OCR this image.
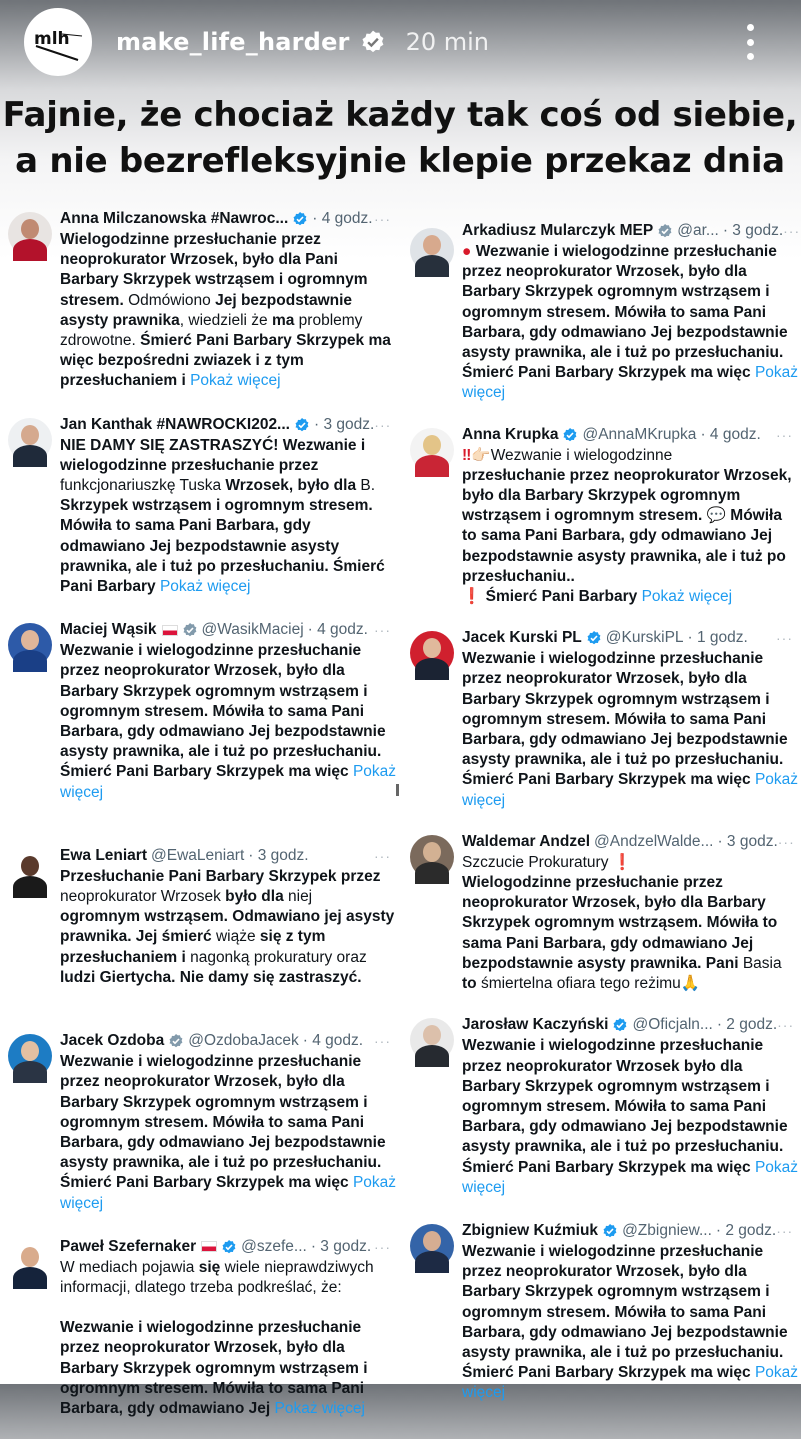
mlh make_life_harder 20 min
Fajnie, że chociaż każdy tak coś od siebie,
a nie bezrefleksyjnie klepie przekaz dnia
Anna Milczanowska #Nawroc... · 4 godz. ···

Wielogodzinne przesłuchanie przez

neoprokurator Wrzosek, było dla Pani

Barbary Skrzypek wstrząsem i ogromnym

stresem. Odmówiono Jej bezpodstawnie

asysty prawnika, wiedzieli że ma problemy

zdrowotne. Śmierć Pani Barbary Skrzypek ma

więc bezpośredni zwiazek i z tym

przesłuchaniem i Pokaż więcej

Jan Kanthak #NAWROCKI202... · 3 godz. ···

NIE DAMY SIĘ ZASTRASZYĆ! Wezwanie i

wielogodzinne przesłuchanie przez

funkcjonariuszkę Tuska Wrzosek, było dla B.

Skrzypek wstrząsem i ogromnym stresem.

Mówiła to sama Pani Barbara, gdy

odmawiano Jej bezpodstawnie asysty

prawnika, ale i tuż po przesłuchaniu. Śmierć

Pani Barbary Pokaż więcej

Maciej Wąsik	@WasikMaciej · 4 godz. ···

Wezwanie i wielogodzinne przesłuchanie

przez neoprokurator Wrzosek, było dla

Barbary Skrzypek ogromnym wstrząsem i

ogromnym stresem. Mówiła to sama Pani

Barbara, gdy odmawiano Jej bezpodstawnie

asysty prawnika, ale i tuż po przesłuchaniu.

Śmierć Pani Barbary Skrzypek ma więc Pokaż

więcej

Ewa Leniart @EwaLeniart · 3 godz.	···

Przesłuchanie Pani Barbary Skrzypek przez

neoprokurator Wrzosek było dla niej

ogromnym wstrząsem. Odmawiano jej asysty

prawnika. Jej śmierć wiąże się z tym

przesłuchaniem i nagonką prokuratury oraz

ludzi Giertycha. Nie damy się zastraszyć.

Jacek Ozdoba @OzdobaJacek · 4 godz. ···

Wezwanie i wielogodzinne przesłuchanie

przez neoprokurator Wrzosek, było dla

Barbary Skrzypek ogromnym wstrząsem i

ogromnym stresem. Mówiła to sama Pani

Barbara, gdy odmawiano Jej bezpodstawnie

asysty prawnika, ale i tuż po przesłuchaniu.

Śmierć Pani Barbary Skrzypek ma więc Pokaż

więcej

Paweł Szefernaker	@szefe... · 3 godz. ···

W mediach pojawia się wiele nieprawdziwych

informacji, dlatego trzeba podkreślać, że:

Wezwanie i wielogodzinne przesłuchanie

przez neoprokurator Wrzosek, było dla

Barbary Skrzypek ogromnym wstrząsem i

ogromnym stresem. Mówiła to sama Pani

Barbara, gdy odmawiano Jej Pokaż więcej

Arkadiusz Mularczyk MEP @ar... · 3 godz. ···

● Wezwanie i wielogodzinne przesłuchanie

przez neoprokurator Wrzosek, było dla

Barbary Skrzypek ogromnym wstrząsem i

ogromnym stresem. Mówiła to sama Pani

Barbara, gdy odmawiano Jej bezpodstawnie

asysty prawnika, ale i tuż po przesłuchaniu.

Śmierć Pani Barbary Skrzypek ma więc Pokaż

więcej

Anna Krupka @AnnaMKrupka · 4 godz. ···

‼👉🏻Wezwanie i wielogodzinne

przesłuchanie przez neoprokurator Wrzosek,

było dla Barbary Skrzypek ogromnym

wstrząsem i ogromnym stresem. 💬 Mówiła

to sama Pani Barbara, gdy odmawiano Jej

bezpodstawnie asysty prawnika, ale i tuż po

przesłuchaniu..

❗ Śmierć Pani Barbary Pokaż więcej

Jacek Kurski PL @KurskiPL · 1 godz. ···

Wezwanie i wielogodzinne przesłuchanie

przez neoprokurator Wrzosek, było dla

Barbary Skrzypek ogromnym wstrząsem i

ogromnym stresem. Mówiła to sama Pani

Barbara, gdy odmawiano Jej bezpodstawnie

asysty prawnika, ale i tuż po przesłuchaniu.

Śmierć Pani Barbary Skrzypek ma więc Pokaż

więcej

Waldemar Andzel @AndzelWalde... · 3 godz. ···

Szczucie Prokuratury ❗

Wielogodzinne przesłuchanie przez

neoprokurator Wrzosek, było dla Barbary

Skrzypek ogromnym wstrząsem. Mówiła to

sama Pani Barbara, gdy odmawiano Jej

bezpodstawnie asysty prawnika. Pani Basia

to śmiertelna ofiara tego reżimu🙏

Jarosław Kaczyński @Oficjaln... · 2 godz. ···

Wezwanie i wielogodzinne przesłuchanie

przez neoprokurator Wrzosek było dla

Barbary Skrzypek ogromnym wstrząsem i

ogromnym stresem. Mówiła to sama Pani

Barbara, gdy odmawiano Jej bezpodstawnie

asysty prawnika, ale i tuż po przesłuchaniu.

Śmierć Pani Barbary Skrzypek ma więc Pokaż

więcej

Zbigniew Kuźmiuk @Zbigniew... · 2 godz. ···

Wezwanie i wielogodzinne przesłuchanie

przez neoprokurator Wrzosek, było dla

Barbary Skrzypek ogromnym wstrząsem i

ogromnym stresem. Mówiła to sama Pani

Barbara, gdy odmawiano Jej bezpodstawnie

asysty prawnika, ale i tuż po przesłuchaniu.

Śmierć Pani Barbary Skrzypek ma więc Pokaż

więcej
